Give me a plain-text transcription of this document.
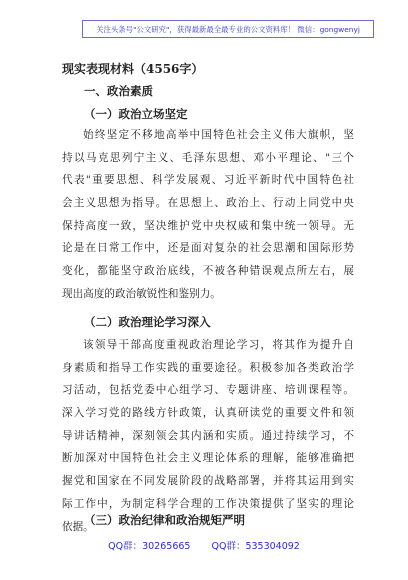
关注头条号"公文研究"，获得最新最全最专业的公文资料库！ 微信：gongwenyj
现实表现材料（4556字）
一、政治素质
（一）政治立场坚定
始终坚定不移地高举中国特色社会主义伟大旗帜，坚
持以马克思列宁主义、毛泽东思想、邓小平理论、"三个
代表"重要思想、科学发展观、习近平新时代中国特色社
会主义思想为指导。在思想上、政治上、行动上同党中央
保持高度一致，坚决维护党中央权威和集中统一领导。无
论是在日常工作中，还是面对复杂的社会思潮和国际形势
变化，都能坚守政治底线，不被各种错误观点所左右，展
现出高度的政治敏锐性和鉴别力。
（二）政治理论学习深入
该领导干部高度重视政治理论学习，将其作为提升自
身素质和指导工作实践的重要途径。积极参加各类政治学
习活动，包括党委中心组学习、专题讲座、培训课程等。
深入学习党的路线方针政策，认真研读党的重要文件和领
导讲话精神，深刻领会其内涵和实质。通过持续学习，不
断加深对中国特色社会主义理论体系的理解，能够准确把
握党和国家在不同发展阶段的战略部署，并将其运用到实
际工作中，为制定科学合理的工作决策提供了坚实的理论
依据。
（三）政治纪律和政治规矩严明
QQ群：30265665 QQ群：535304092
